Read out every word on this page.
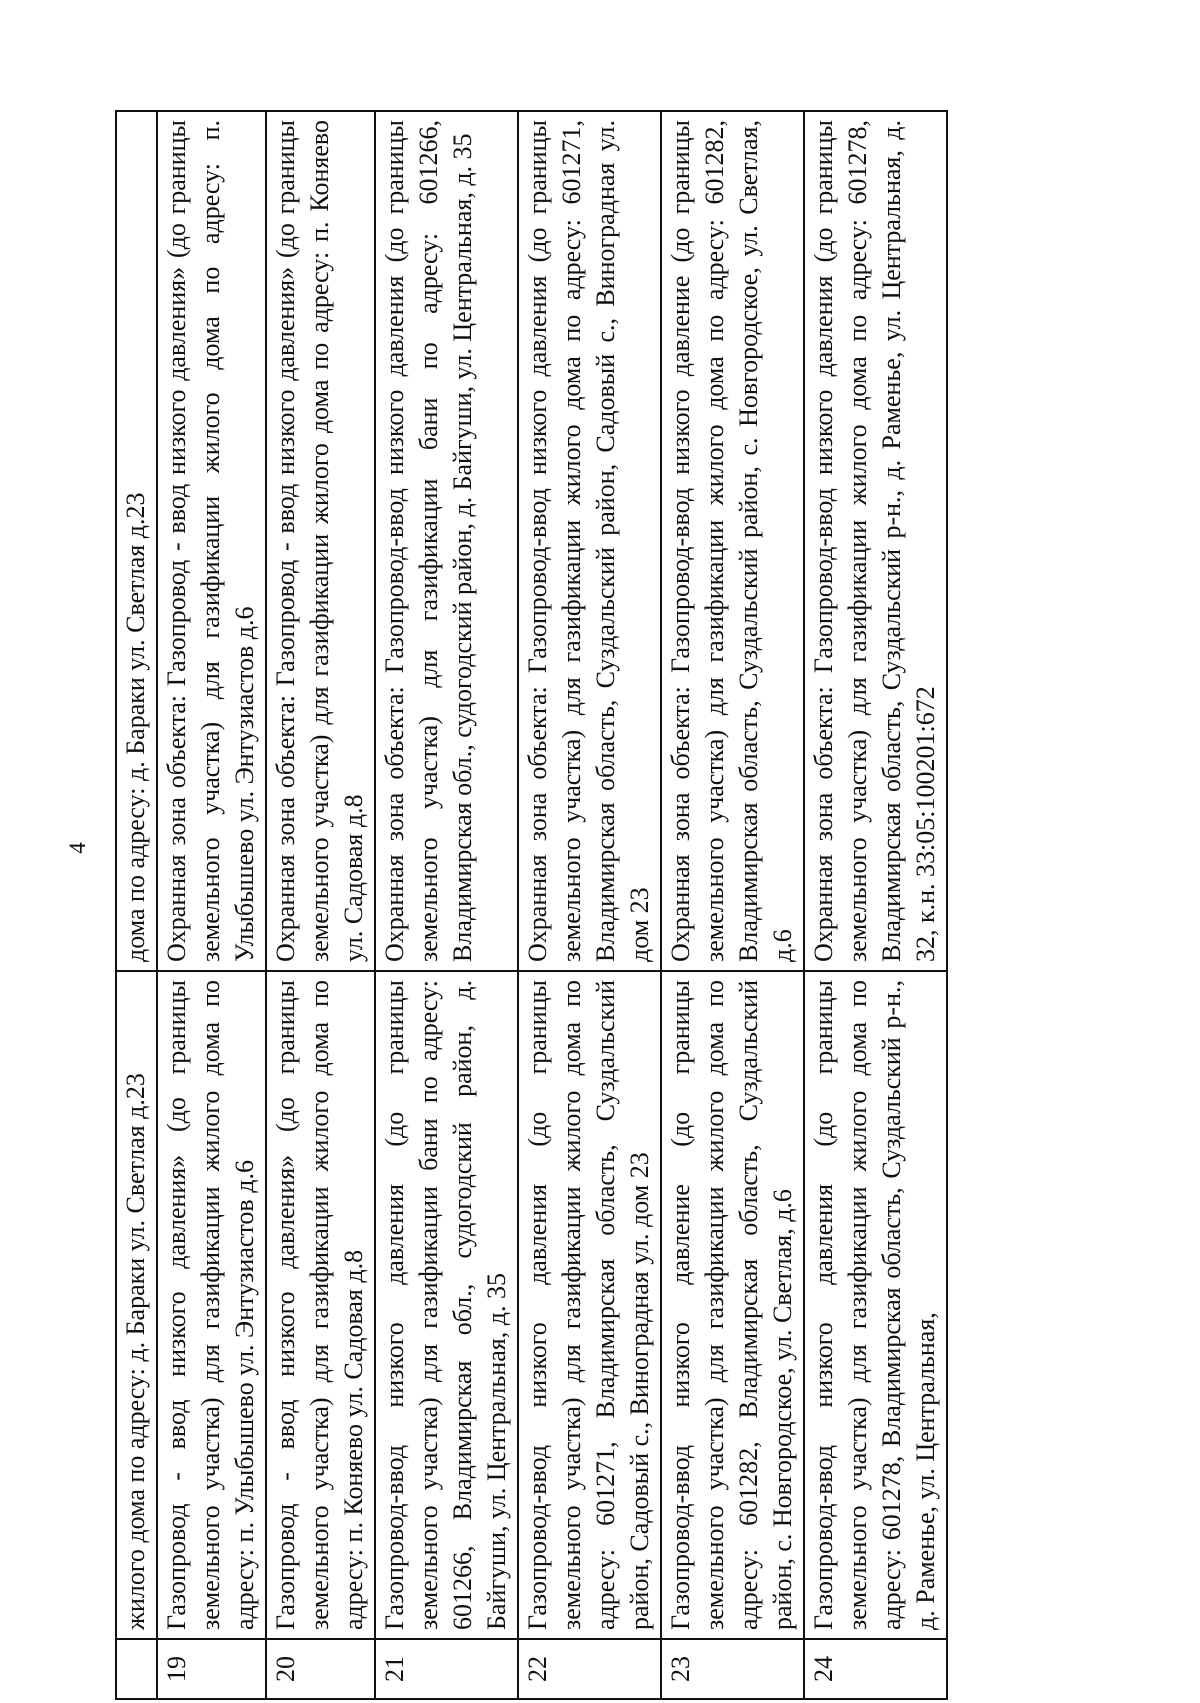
4
	жилого дома по адресу: д. Бараки ул. Светлая д.23	дома по адресу: д. Бараки ул. Светлая д.23
19	Газопровод - ввод низкого давления» (до границы земельного участка) для газификации жилого дома по адресу: п. Улыбышево ул. Энтузиастов д.6	Охранная зона объекта: Газопровод - ввод низкого давления» (до границы земельного участка) для газификации жилого дома по адресу: п. Улыбышево ул. Энтузиастов д.6
20	Газопровод - ввод низкого давления» (до границы земельного участка) для газификации жилого дома по адресу: п. Коняево ул. Садовая д.8	Охранная зона объекта: Газопровод - ввод низкого давления» (до границы земельного участка) для газификации жилого дома по адресу: п. Коняево ул. Садовая д.8
21	Газопровод-ввод низкого давления (до границы земельного участка) для газификации бани по адресу: 601266, Владимирская обл., судогодский район, д. Байгуши, ул. Центральная, д. 35	Охранная зона объекта: Газопровод-ввод низкого давления (до границы земельного участка) для газификации бани по адресу: 601266, Владимирская обл., судогодский район, д. Байгуши, ул. Центральная, д. 35
22	Газопровод-ввод низкого давления (до границы земельного участка) для газификации жилого дома по адресу: 601271, Владимирская область, Суздальский район, Садовый с., Виноградная ул. дом 23	Охранная зона объекта: Газопровод-ввод низкого давления (до границы земельного участка) для газификации жилого дома по адресу: 601271, Владимирская область, Суздальский район, Садовый с., Виноградная ул. дом 23
23	Газопровод-ввод низкого давление (до границы земельного участка) для газификации жилого дома по адресу: 601282, Владимирская область, Суздальский район, с. Новгородское, ул. Светлая, д.6	Охранная зона объекта: Газопровод-ввод низкого давление (до границы земельного участка) для газификации жилого дома по адресу: 601282, Владимирская область, Суздальский район, с. Новгородское, ул. Светлая, д.6
24	Газопровод-ввод низкого давления (до границы земельного участка) для газификации жилого дома по адресу: 601278, Владимирская область, Суздальский р-н., д. Раменье, ул. Центральная,	Охранная зона объекта: Газопровод-ввод низкого давления (до границы земельного участка) для газификации жилого дома по адресу: 601278, Владимирская область, Суздальский р-н., д. Раменье, ул. Центральная, д. 32, к.н. 33:05:100201:672
